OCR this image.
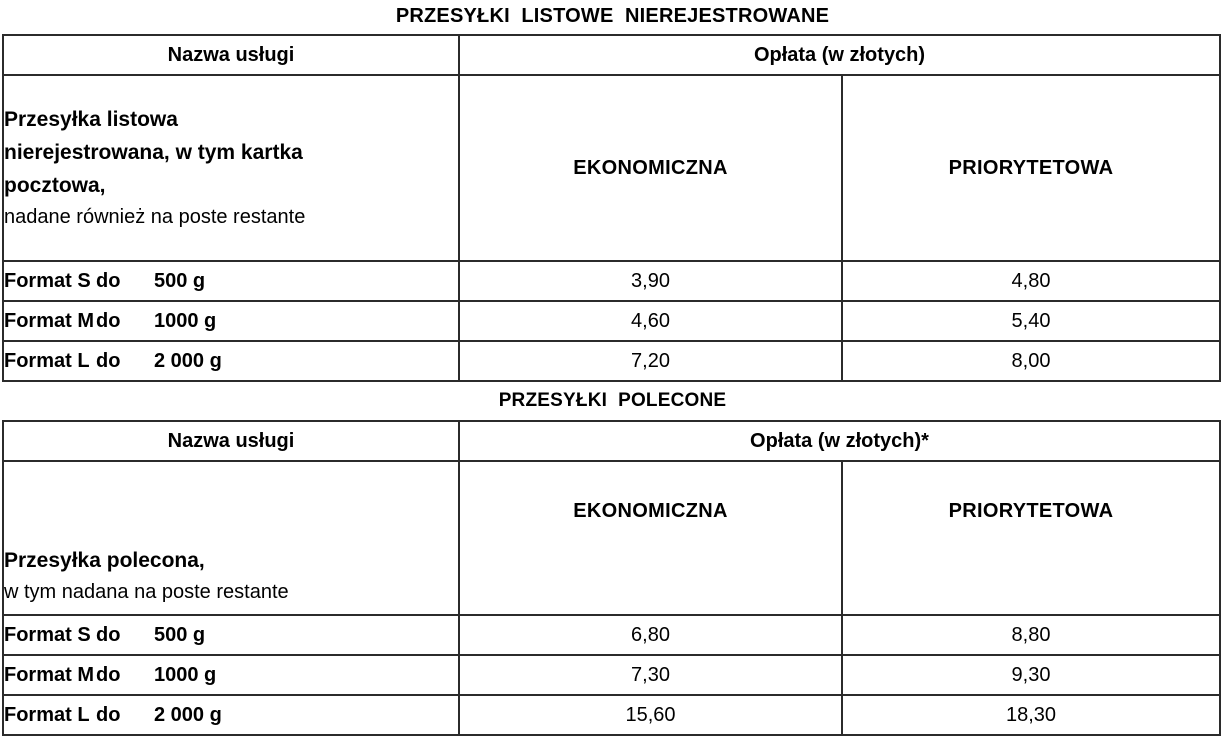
PRZESYŁKI  LISTOWE  NIEREJESTROWANE
Nazwa usługi	Opłata (w złotych)	

Przesyłka listowa
nierejestrowana, w tym kartka
pocztowa,
nadane również na poste restante	EKONOMICZNA	PRIORYTETOWA
Format S do 500 g	3,90	4,80
Format M do 1000 g	4,60	5,40
Format L do 2 000 g	7,20	8,00
PRZESYŁKI  POLECONE
Nazwa usługi	Opłata (w złotych)*	

Przesyłka polecona,
w tym nadana na poste restante	EKONOMICZNA	PRIORYTETOWA
Format S do 500 g	6,80	8,80
Format M do 1000 g	7,30	9,30
Format L do 2 000 g	15,60	18,30
